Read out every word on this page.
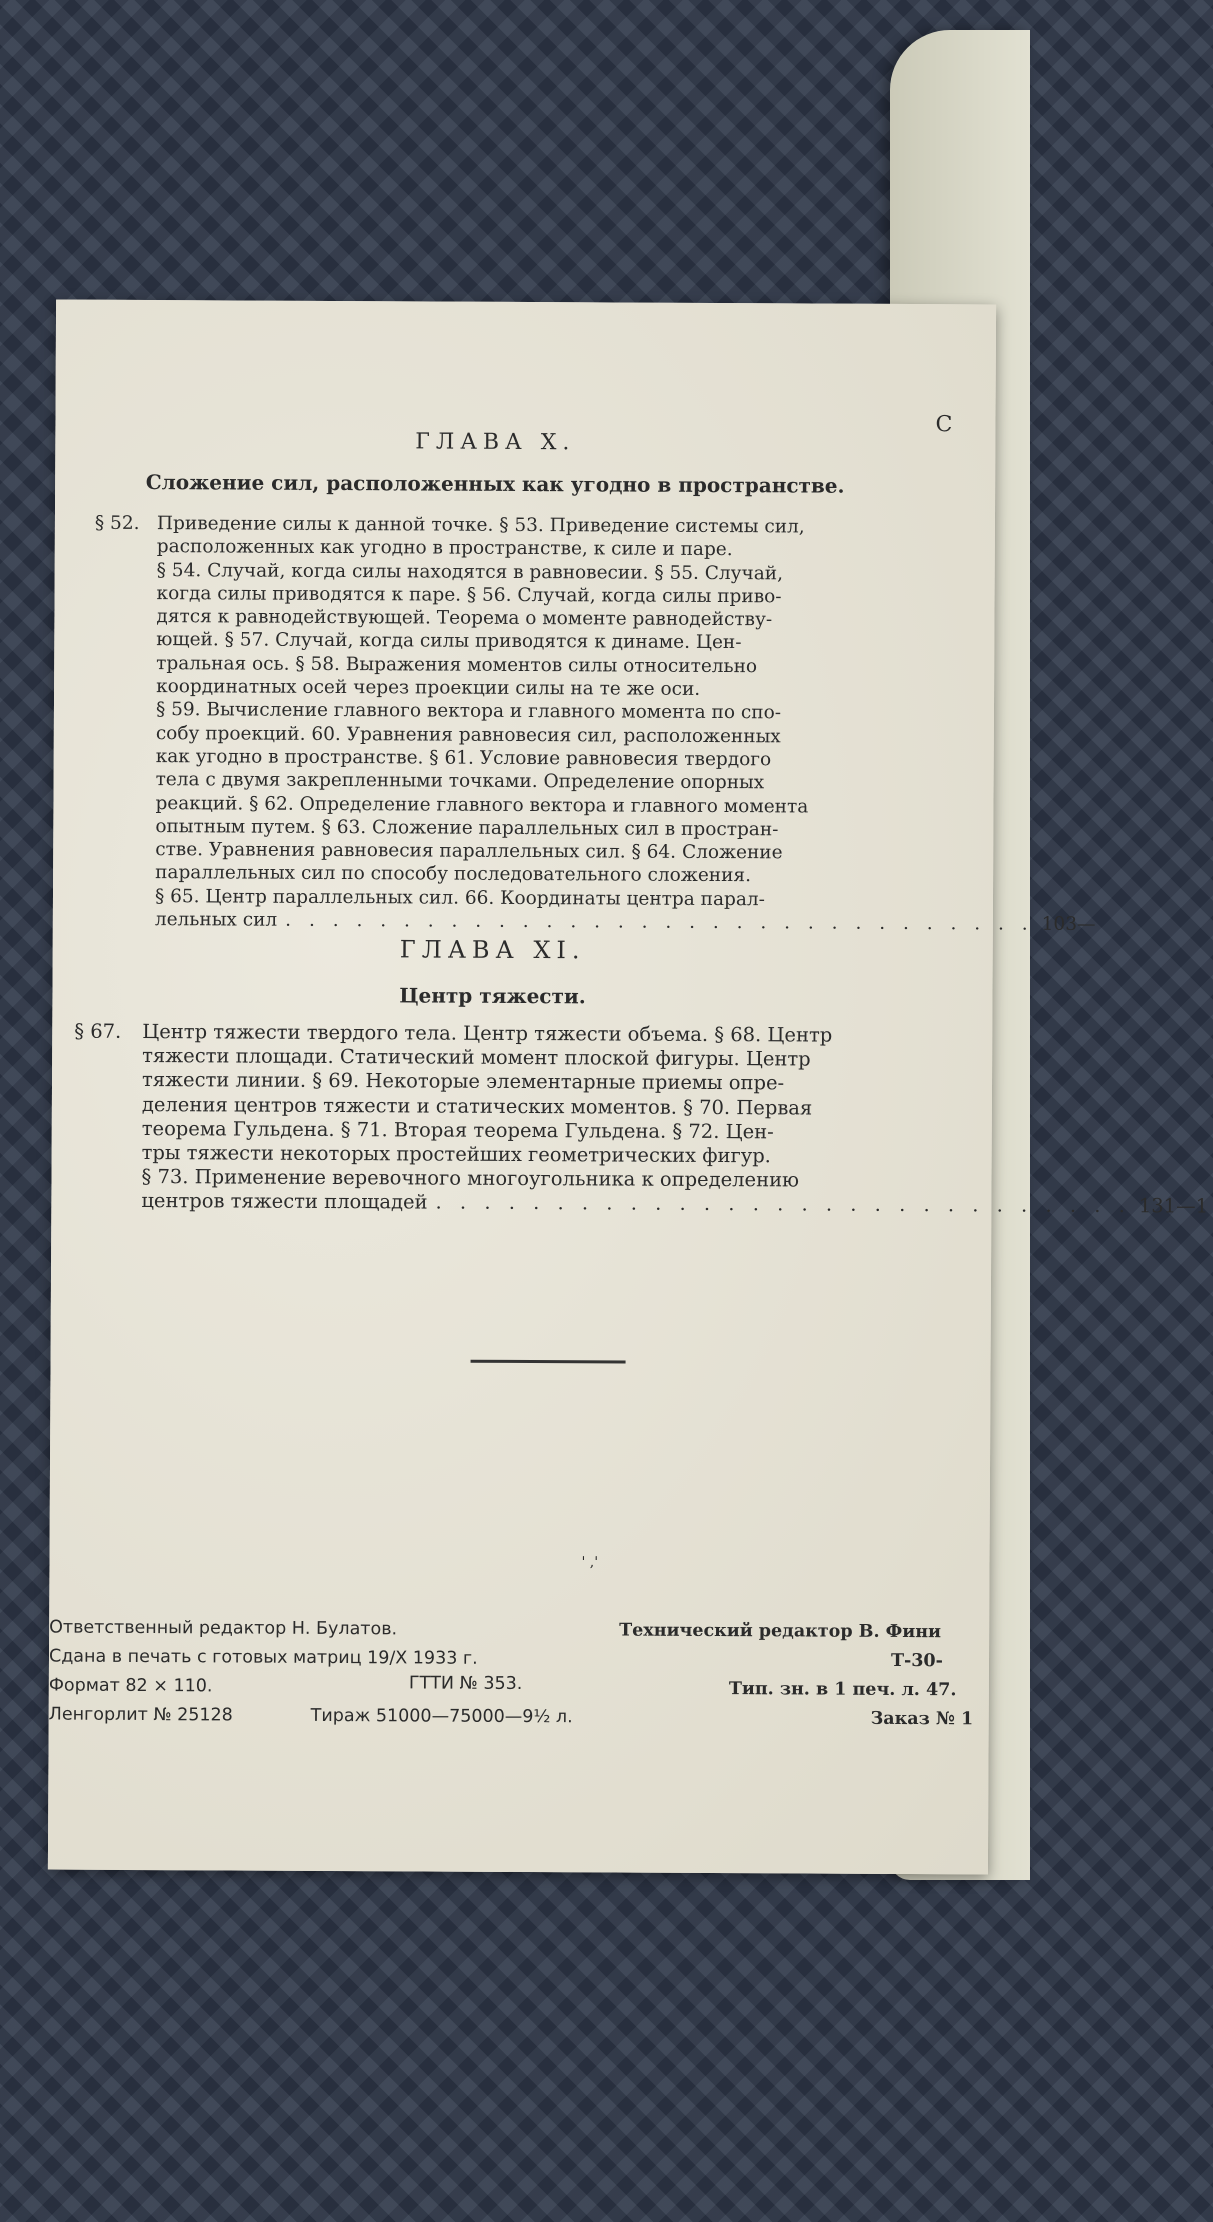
С
ГЛАВА X.
Сложение сил, расположенных как угодно в пространстве.
§ 52. Приведение силы к данной точке. § 53. Приведение системы сил,
расположенных как угодно в пространстве, к силе и паре.
§ 54. Случай, когда силы находятся в равновесии. § 55. Случай,
когда силы приводятся к паре. § 56. Случай, когда силы приво-
дятся к равнодействующей. Теорема о моменте равнодейству-
ющей. § 57. Случай, когда силы приводятся к динаме. Цен-
тральная ось. § 58. Выражения моментов силы относительно
координатных осей через проекции силы на те же оси.
§ 59. Вычисление главного вектора и главного момента по спо-
собу проекций. 60. Уравнения равновесия сил, расположенных
как угодно в пространстве. § 61. Условие равновесия твердого
тела с двумя закрепленными точками. Определение опорных
реакций. § 62. Определение главного вектора и главного момента
опытным путем. § 63. Сложение параллельных сил в простран-
стве. Уравнения равновесия параллельных сил. § 64. Сложение
параллельных сил по способу последовательного сложения.
§ 65. Центр параллельных сил. 66. Координаты центра парал-
лельных сил . . . . . . . . . . . . . . . . . . . . . . . . . . . . . . . . 103—
ГЛАВА XI.
Центр тяжести.
§ 67.	Центр тяжести твердого тела. Центр тяжести объема. § 68. Центр
тяжести площади. Статический момент плоской фигуры. Центр
тяжести линии. § 69. Некоторые элементарные приемы опре-
деления центров тяжести и статических моментов. § 70. Первая
теорема Гульдена. § 71. Вторая теорема Гульдена. § 72. Цен-
тры тяжести некоторых простейших геометрических фигур.
§ 73. Применение веревочного многоугольника к определению
центров тяжести площадей . . . . . . . . . . . . . . . . . . . . . . . . . . . . . 131—1
' ,'
Ответственный редактор Н. Булатов.
Сдана в печать с готовых матриц 19/X 1933 г.
Формат 82 × 110.
Ленгорлит № 25128
ГТТИ № 353.
Тираж 51000—75000—9½ л.
Технический редактор В. Фини
Т-30-
Тип. зн. в 1 печ. л. 47.
Заказ № 1
